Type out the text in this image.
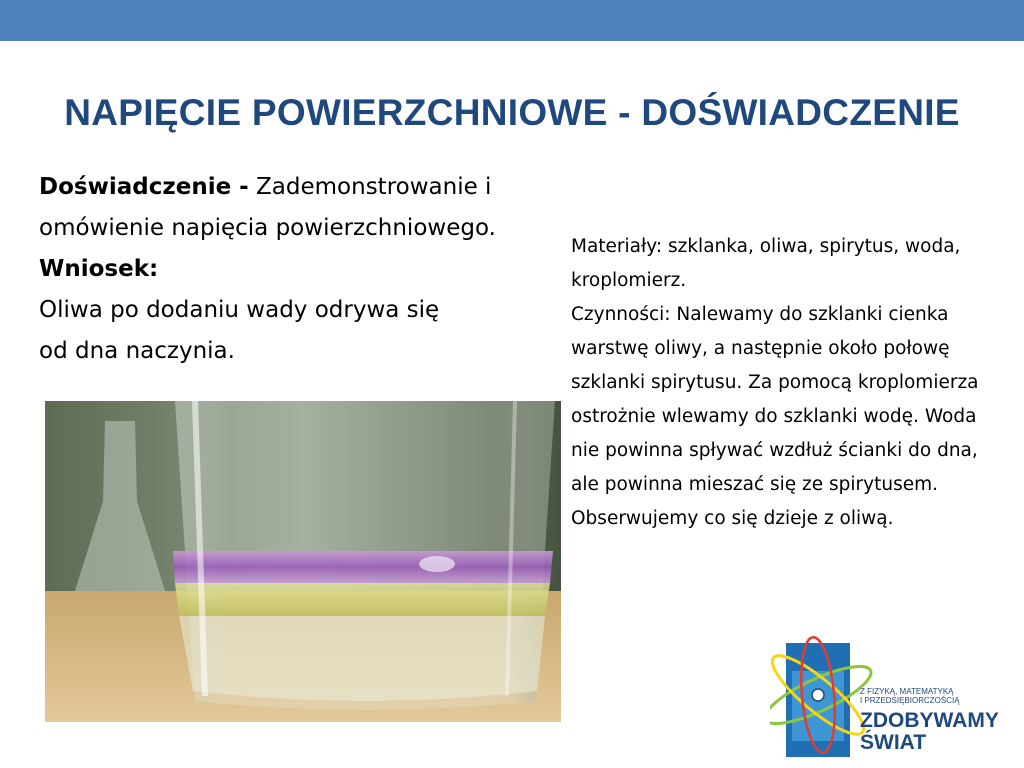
NAPIĘCIE POWIERZCHNIOWE - DOŚWIADCZENIE

Doświadczenie - Zademonstrowanie i omówienie napięcia powierzchniowego.

Wniosek:

Oliwa po dodaniu wady odrywa się od dna naczynia.

Materiały: szklanka, oliwa, spirytus, woda, kroplomierz.

Czynności: Nalewamy do szklanki cienka warstwę oliwy, a następnie około połowę szklanki spirytusu. Za pomocą kroplomierza ostrożnie wlewamy do szklanki wodę. Woda nie powinna spływać wzdłuż ścianki do dna, ale powinna mieszać się ze spirytusem. Obserwujemy co się dzieje z oliwą.

Z FIZYKĄ, MATEMATYKĄ
I PRZEDSIĘBIORCZOŚCIĄ
ZDOBYWAMY
ŚWIAT
